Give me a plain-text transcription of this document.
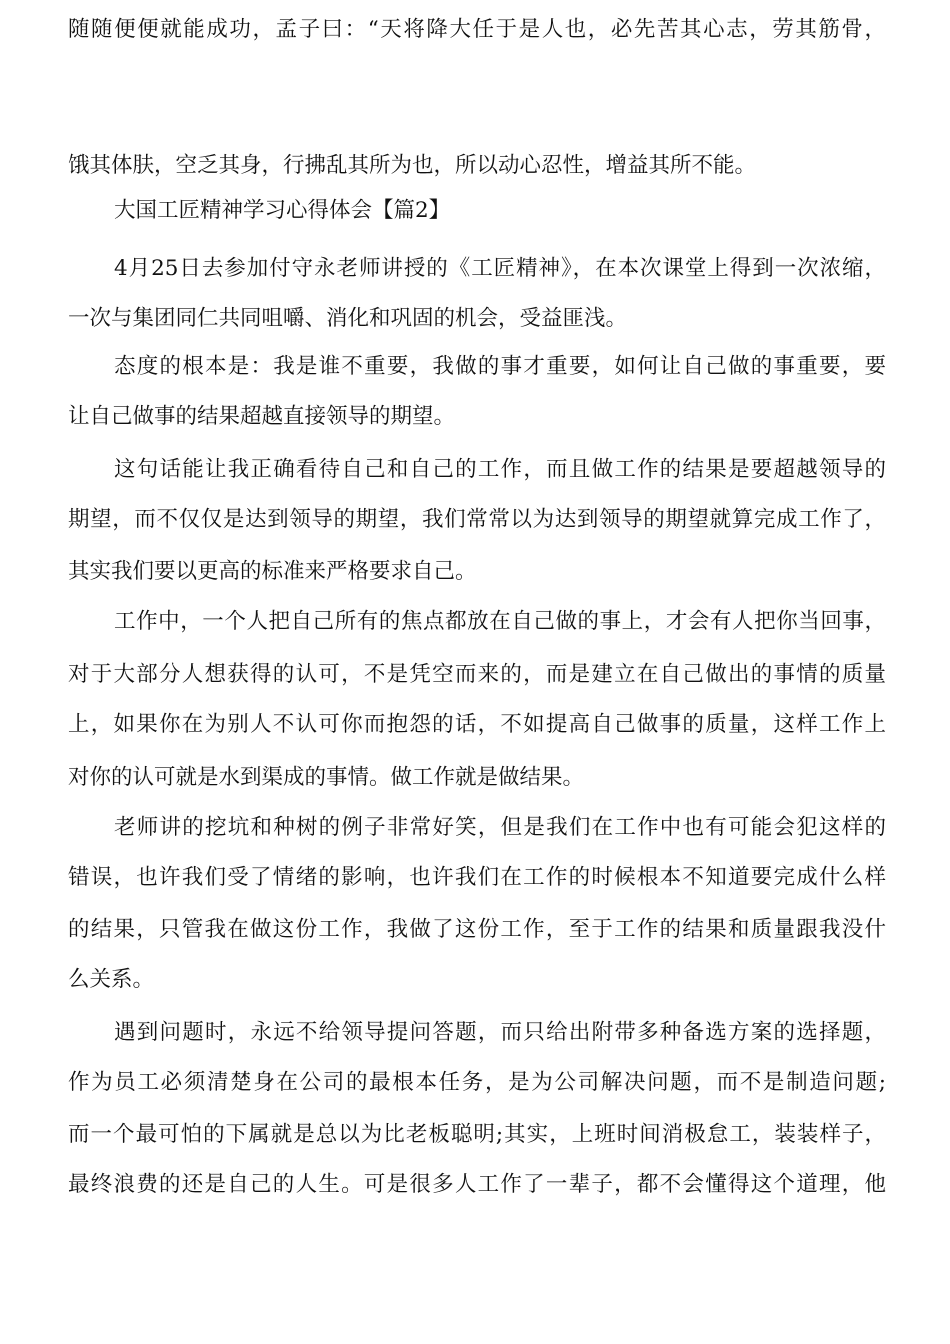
随随便便就能成功，孟子曰：“天将降大任于是人也，必先苦其心志，劳其筋骨，
饿其体肤，空乏其身，行拂乱其所为也，所以动心忍性，增益其所不能。
大国工匠精神学习心得体会【篇2】
4月25日去参加付守永老师讲授的《工匠精神》，在本次课堂上得到一次浓缩，
一次与集团同仁共同咀嚼、消化和巩固的机会，受益匪浅。
态度的根本是：我是谁不重要，我做的事才重要，如何让自己做的事重要，要
让自己做事的结果超越直接领导的期望。
这句话能让我正确看待自己和自己的工作，而且做工作的结果是要超越领导的
期望，而不仅仅是达到领导的期望，我们常常以为达到领导的期望就算完成工作了，
其实我们要以更高的标准来严格要求自己。
工作中，一个人把自己所有的焦点都放在自己做的事上，才会有人把你当回事，
对于大部分人想获得的认可，不是凭空而来的，而是建立在自己做出的事情的质量
上，如果你在为别人不认可你而抱怨的话，不如提高自己做事的质量，这样工作上
对你的认可就是水到渠成的事情。做工作就是做结果。
老师讲的挖坑和种树的例子非常好笑，但是我们在工作中也有可能会犯这样的
错误，也许我们受了情绪的影响，也许我们在工作的时候根本不知道要完成什么样
的结果，只管我在做这份工作，我做了这份工作，至于工作的结果和质量跟我没什
么关系。
遇到问题时，永远不给领导提问答题，而只给出附带多种备选方案的选择题，
作为员工必须清楚身在公司的最根本任务，是为公司解决问题，而不是制造问题;
而一个最可怕的下属就是总以为比老板聪明;其实，上班时间消极怠工，装装样子，
最终浪费的还是自己的人生。可是很多人工作了一辈子，都不会懂得这个道理，他
